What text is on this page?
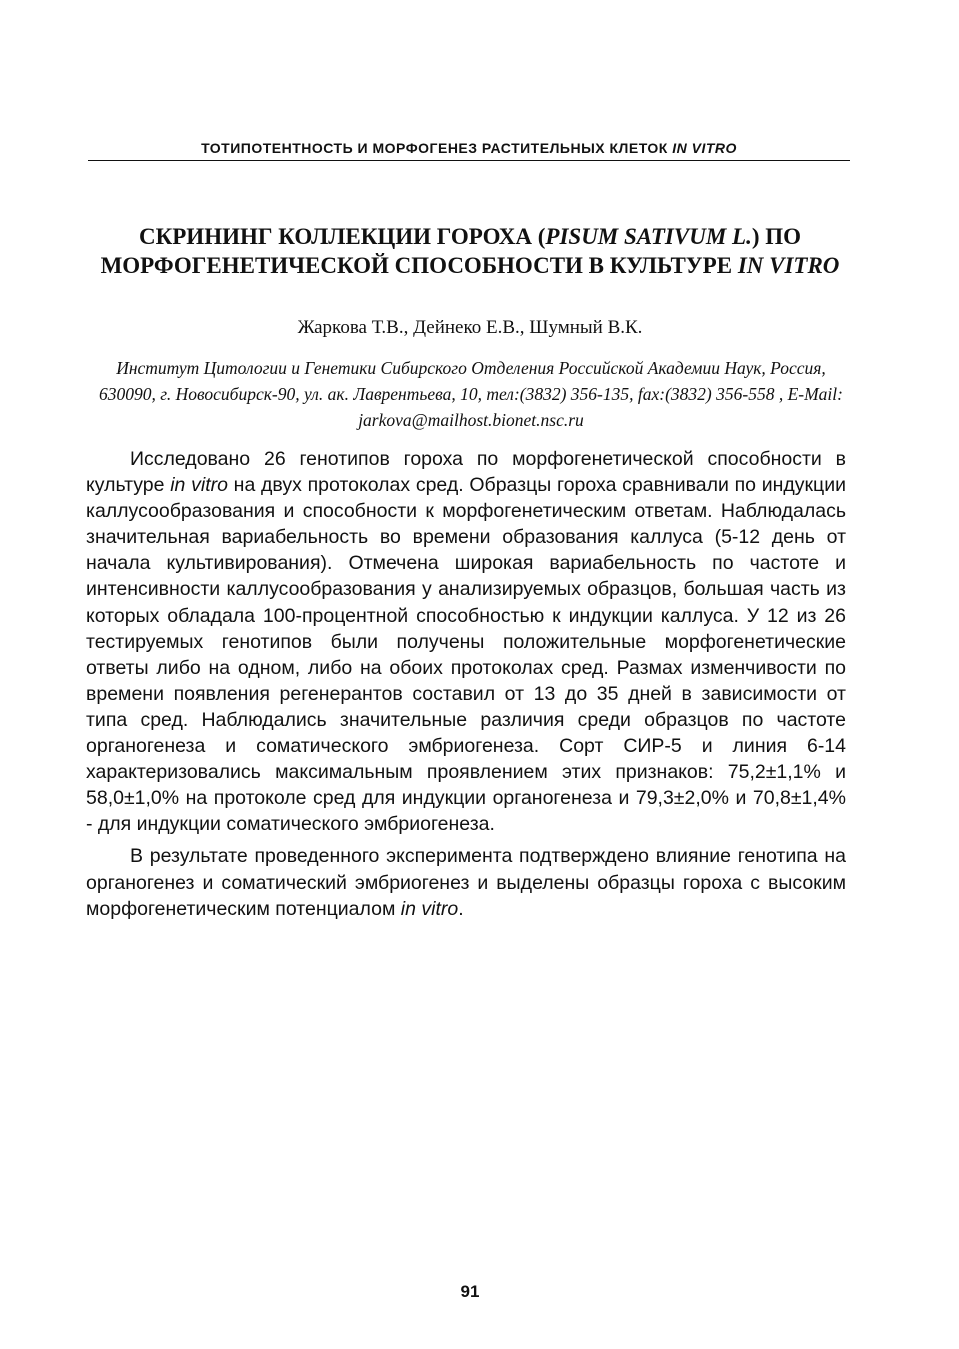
ТОТИПОТЕНТНОСТЬ И МОРФОГЕНЕЗ РАСТИТЕЛЬНЫХ КЛЕТОК IN VITRO
СКРИНИНГ КОЛЛЕКЦИИ ГОРОХА (PISUM SATIVUM L.) ПО МОРФОГЕНЕТИЧЕСКОЙ СПОСОБНОСТИ В КУЛЬТУРЕ IN VITRO
Жаркова Т.В., Дейнеко Е.В., Шумный В.К.
Институт Цитологии и Генетики Сибирского Отделения Российской Академии Наук, Россия, 630090, г. Новосибирск-90, ул. ак. Лаврентьева, 10, тел:(3832) 356-135, fax:(3832) 356-558 , E-Mail: jarkova@mailhost.bionet.nsc.ru

Исследовано 26 генотипов гороха по морфогенетической способности в культуре in vitro на двух протоколах сред. Образцы гороха сравнивали по индукции каллусообразования и способности к морфогенетическим ответам. Наблюдалась значительная вариабельность во времени образования каллуса (5-12 день от начала культивирования). Отмечена широкая вариабельность по частоте и интенсивности каллусообразования у анализируемых образцов, большая часть из которых обладала 100-процентной способностью к индукции каллуса. У 12 из 26 тестируемых генотипов были получены положительные морфогенетические ответы либо на одном, либо на обоих протоколах сред. Размах изменчивости по времени появления регенерантов составил от 13 до 35 дней в зависимости от типа сред. Наблюдались значительные различия среди образцов по частоте органогенеза и соматического эмбриогенеза. Сорт СИР-5 и линия 6-14 характеризовались максимальным проявлением этих признаков: 75,2±1,1% и 58,0±1,0% на протоколе сред для индукции органогенеза и 79,3±2,0% и 70,8±1,4% - для индукции соматического эмбриогенеза.

В результате проведенного эксперимента подтверждено влияние генотипа на органогенез и соматический эмбриогенез и выделены образцы гороха с высоким морфогенетическим потенциалом in vitro.

91
